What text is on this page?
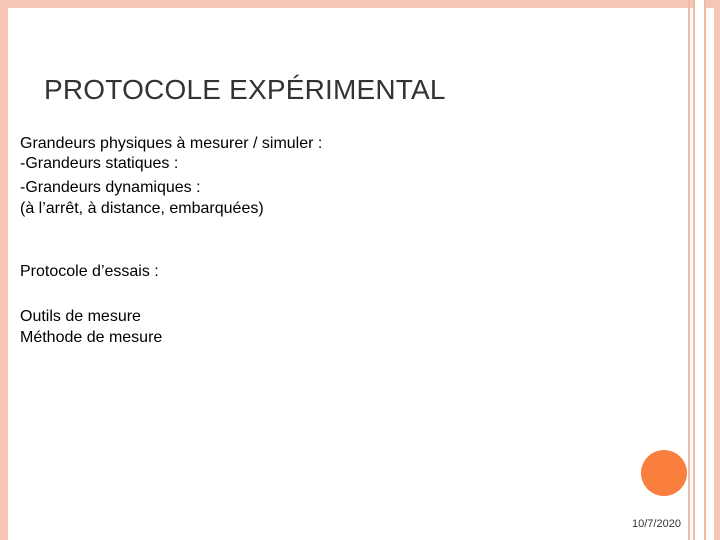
PROTOCOLE EXPÉRIMENTAL
Grandeurs physiques à mesurer / simuler :
-Grandeurs statiques :
-Grandeurs dynamiques :
(à l’arrêt, à distance, embarquées)
Protocole d’essais :
Outils de mesure
Méthode de mesure
10/7/2020
